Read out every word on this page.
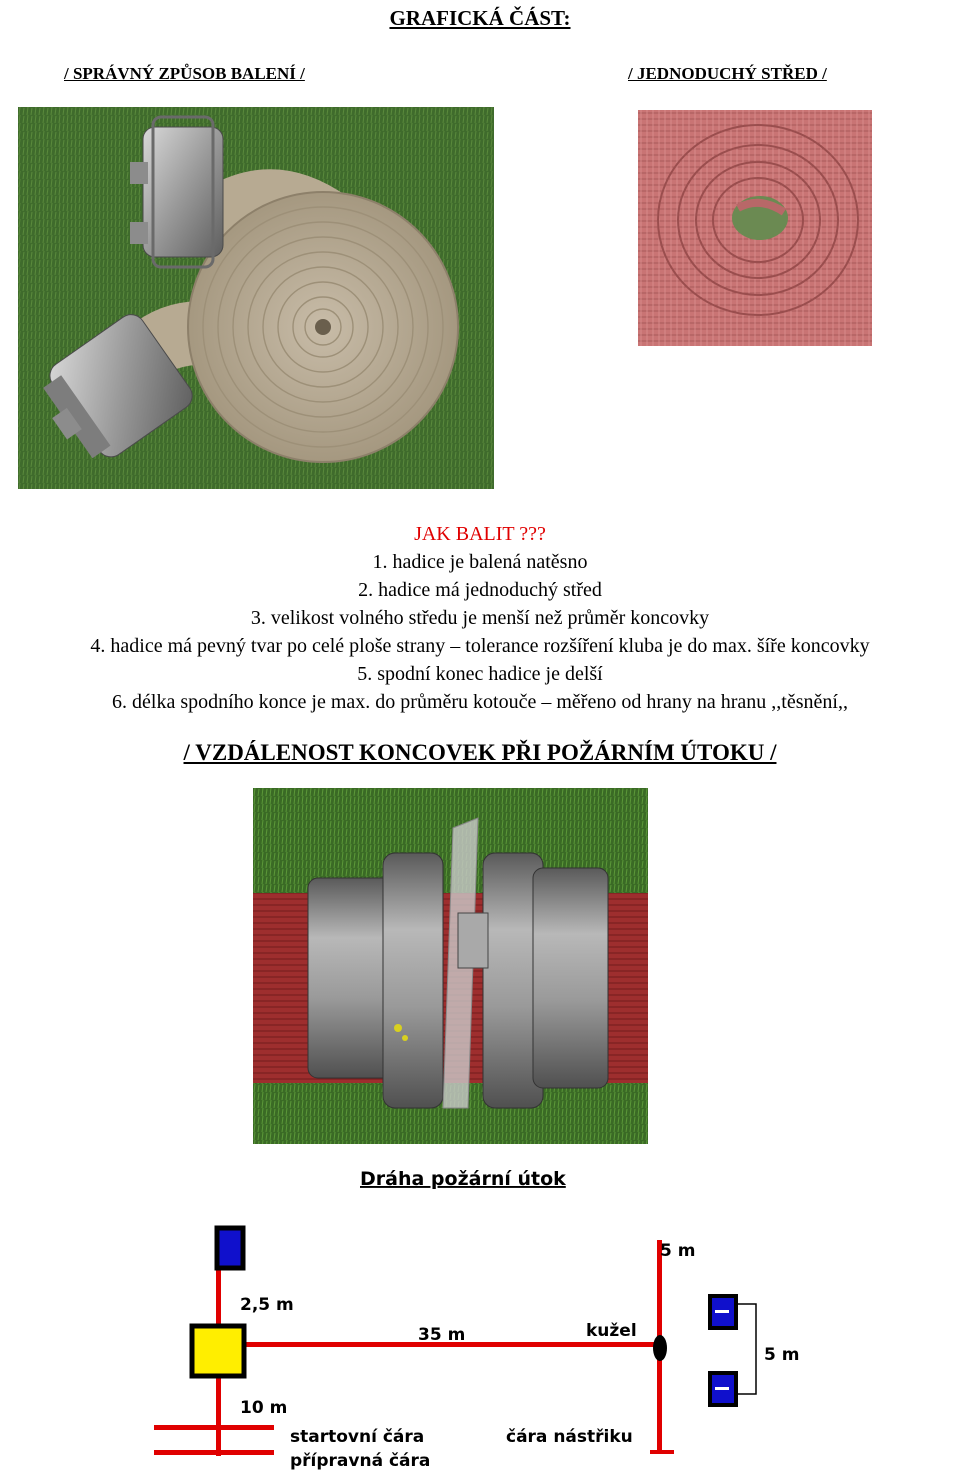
GRAFICKÁ ČÁST:
/ SPRÁVNÝ ZPŮSOB BALENÍ /	/ JEDNODUCHÝ STŘED /
JAK BALIT ???
1. hadice je balená natěsno
2. hadice má jednoduchý střed
3. velikost volného středu je menší než průměr koncovky
4. hadice má pevný tvar po celé ploše strany – tolerance rozšíření kluba je do max. šíře koncovky
5. spodní konec hadice je delší
6. délka spodního konce je max. do průměru kotouče – měřeno od hrany na hranu ,,těsnění,,
/ VZDÁLENOST KONCOVEK PŘI POŽÁRNÍM ÚTOKU /
Dráha požární útok
2,5 m
35 m
10 m
5 m
5 m
kužel
startovní čára
přípravná čára
čára nástřiku
